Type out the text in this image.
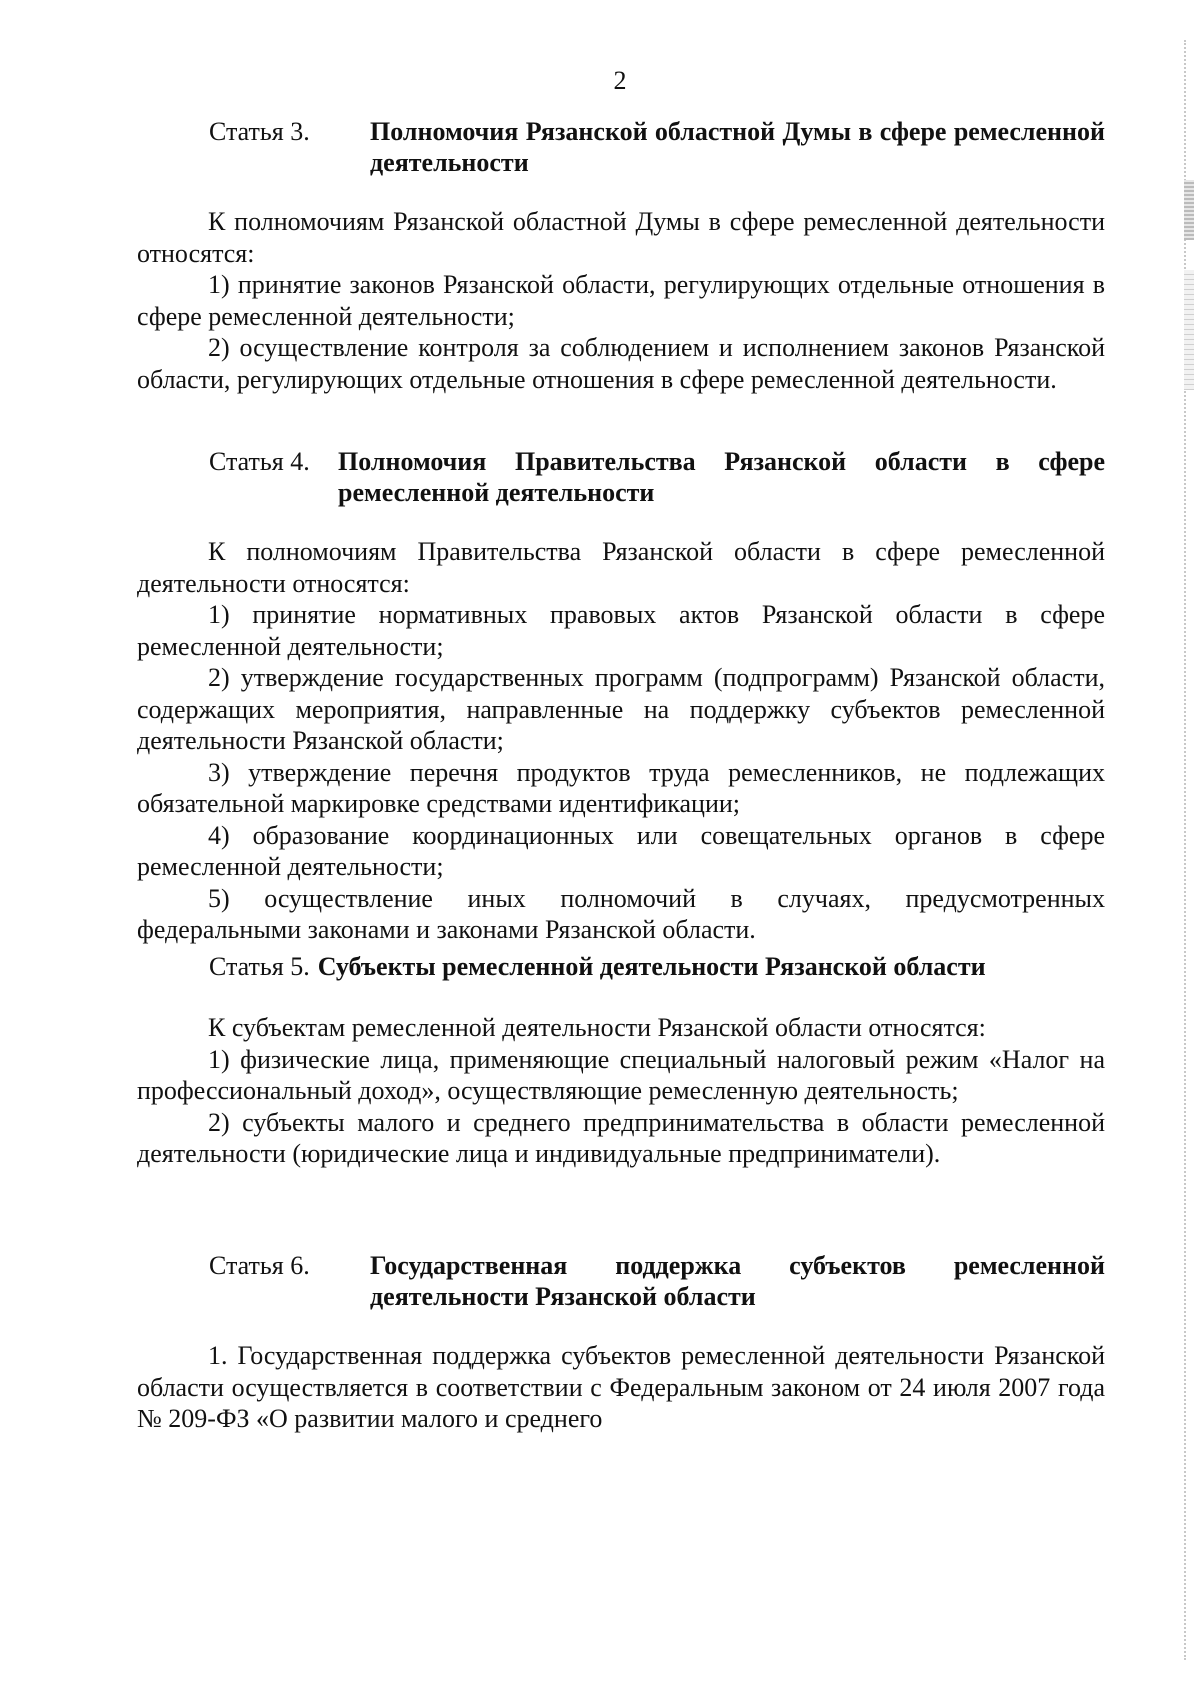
2
Статья 3.	Полномочия Рязанской областной Думы в сфере ремесленной деятельности

К полномочиям Рязанской областной Думы в сфере ремесленной деятельности относятся:

1) принятие законов Рязанской области, регулирующих отдельные отношения в сфере ремесленной деятельности;

2) осуществление контроля за соблюдением и исполнением законов Рязанской области, регулирующих отдельные отношения в сфере ремесленной деятельности.

Статья 4.	Полномочия Правительства Рязанской области в сфере ремесленной деятельности

К полномочиям Правительства Рязанской области в сфере ремесленной деятельности относятся:

1) принятие нормативных правовых актов Рязанской области в сфере ремесленной деятельности;

2) утверждение государственных программ (подпрограмм) Рязанской области, содержащих мероприятия, направленные на поддержку субъектов ремесленной деятельности Рязанской области;

3) утверждение перечня продуктов труда ремесленников, не подлежащих обязательной маркировке средствами идентификации;

4) образование координационных или совещательных органов в сфере ремесленной деятельности;

5) осуществление иных полномочий в случаях, предусмотренных федеральными законами и законами Рязанской области.

Статья 5. Субъекты ремесленной деятельности Рязанской области

К субъектам ремесленной деятельности Рязанской области относятся:

1) физические лица, применяющие специальный налоговый режим «Налог на профессиональный доход», осуществляющие ремесленную деятельность;

2) субъекты малого и среднего предпринимательства в области ремесленной деятельности (юридические лица и индивидуальные предприниматели).

Статья 6.	Государственная поддержка субъектов ремесленной деятельности Рязанской области

1. Государственная поддержка субъектов ремесленной деятельности Рязанской области осуществляется в соответствии с Федеральным законом от 24 июля 2007 года № 209-ФЗ «О развитии малого и среднего
